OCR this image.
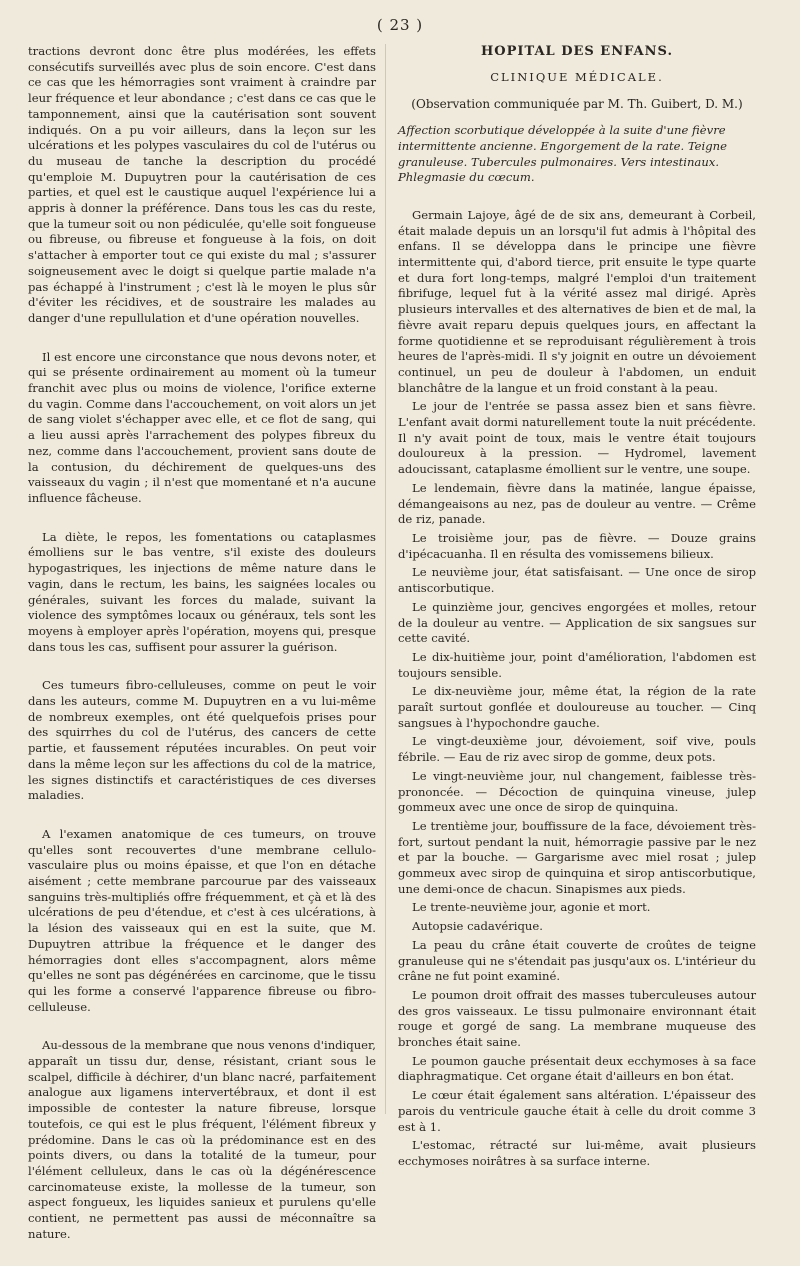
( 23 )

tractions devront donc être plus modérées, les effets consécutifs surveillés avec plus de soin encore. C'est dans ce cas que les hémorragies sont vraiment à craindre par leur fréquence et leur abondance ; c'est dans ce cas que le tamponnement, ainsi que la cautérisation sont souvent indiqués. On a pu voir ailleurs, dans la leçon sur les ulcérations et les polypes vasculaires du col de l'utérus ou du museau de tanche la description du procédé qu'emploie M. Dupuytren pour la cautérisation de ces parties, et quel est le caustique auquel l'expérience lui a appris à donner la préférence. Dans tous les cas du reste, que la tumeur soit ou non pédiculée, qu'elle soit fongueuse ou fibreuse, ou fibreuse et fongueuse à la fois, on doit s'attacher à emporter tout ce qui existe du mal ; s'assurer soigneusement avec le doigt si quelque partie malade n'a pas échappé à l'instrument ; c'est là le moyen le plus sûr d'éviter les récidives, et de soustraire les malades au danger d'une repullulation et d'une opération nouvelles.

Il est encore une circonstance que nous devons noter, et qui se présente ordinairement au moment où la tumeur franchit avec plus ou moins de violence, l'orifice externe du vagin. Comme dans l'accouchement, on voit alors un jet de sang violet s'échapper avec elle, et ce flot de sang, qui a lieu aussi après l'arrachement des polypes fibreux du nez, comme dans l'accouchement, provient sans doute de la contusion, du déchirement de quelques-uns des vaisseaux du vagin ; il n'est que momentané et n'a aucune influence fâcheuse.

La diète, le repos, les fomentations ou cataplasmes émolliens sur le bas ventre, s'il existe des douleurs hypogastriques, les injections de même nature dans le vagin, dans le rectum, les bains, les saignées locales ou générales, suivant les forces du malade, suivant la violence des symptômes locaux ou généraux, tels sont les moyens à employer après l'opération, moyens qui, presque dans tous les cas, suffisent pour assurer la guérison.

Ces tumeurs fibro-celluleuses, comme on peut le voir dans les auteurs, comme M. Dupuytren en a vu lui-même de nombreux exemples, ont été quelquefois prises pour des squirrhes du col de l'utérus, des cancers de cette partie, et faussement réputées incurables. On peut voir dans la même leçon sur les affections du col de la matrice, les signes distinctifs et caractéristiques de ces diverses maladies.

A l'examen anatomique de ces tumeurs, on trouve qu'elles sont recouvertes d'une membrane cellulo-vasculaire plus ou moins épaisse, et que l'on en détache aisément ; cette membrane parcourue par des vaisseaux sanguins très-multipliés offre fréquemment, et çà et là des ulcérations de peu d'étendue, et c'est à ces ulcérations, à la lésion des vaisseaux qui en est la suite, que M. Dupuytren attribue la fréquence et le danger des hémorragies dont elles s'accompagnent, alors même qu'elles ne sont pas dégénérées en carcinome, que le tissu qui les forme a conservé l'apparence fibreuse ou fibro-celluleuse.

Au-dessous de la membrane que nous venons d'indiquer, apparaît un tissu dur, dense, résistant, criant sous le scalpel, difficile à déchirer, d'un blanc nacré, parfaitement analogue aux ligamens intervertébraux, et dont il est impossible de contester la nature fibreuse, lorsque toutefois, ce qui est le plus fréquent, l'élément fibreux y prédomine. Dans le cas où la prédominance est en des points divers, ou dans la totalité de la tumeur, pour l'élément celluleux, dans le cas où la dégénérescence carcinomateuse existe, la mollesse de la tumeur, son aspect fongueux, les liquides sanieux et purulens qu'elle contient, ne permettent pas aussi de méconnaître sa nature.

HOPITAL DES ENFANS.
CLINIQUE MÉDICALE.
(Observation communiquée par M. Th. Guibert, D. M.)
Affection scorbutique développée à la suite d'une fièvre intermittente ancienne. Engorgement de la rate. Teigne granuleuse. Tubercules pulmonaires. Vers intestinaux. Phlegmasie du cœcum.

Germain Lajoye, âgé de de six ans, demeurant à Corbeil, était malade depuis un an lorsqu'il fut admis à l'hôpital des enfans. Il se développa dans le principe une fièvre intermittente qui, d'abord tierce, prit ensuite le type quarte et dura fort long-temps, malgré l'emploi d'un traitement fibrifuge, lequel fut à la vérité assez mal dirigé. Après plusieurs intervalles et des alternatives de bien et de mal, la fièvre avait reparu depuis quelques jours, en affectant la forme quotidienne et se reproduisant régulièrement à trois heures de l'après-midi. Il s'y joignit en outre un dévoiement continuel, un peu de douleur à l'abdomen, un enduit blanchâtre de la langue et un froid constant à la peau.

Le jour de l'entrée se passa assez bien et sans fièvre. L'enfant avait dormi naturellement toute la nuit précédente. Il n'y avait point de toux, mais le ventre était toujours douloureux à la pression. — Hydromel, lavement adoucissant, cataplasme émollient sur le ventre, une soupe.

Le lendemain, fièvre dans la matinée, langue épaisse, démangeaisons au nez, pas de douleur au ventre. — Crême de riz, panade.

Le troisième jour, pas de fièvre. — Douze grains d'ipécacuanha. Il en résulta des vomissemens bilieux.

Le neuvième jour, état satisfaisant. — Une once de sirop antiscorbutique.

Le quinzième jour, gencives engorgées et molles, retour de la douleur au ventre. — Application de six sangsues sur cette cavité.

Le dix-huitième jour, point d'amélioration, l'abdomen est toujours sensible.

Le dix-neuvième jour, même état, la région de la rate paraît surtout gonflée et douloureuse au toucher. — Cinq sangsues à l'hypochondre gauche.

Le vingt-deuxième jour, dévoiement, soif vive, pouls fébrile. — Eau de riz avec sirop de gomme, deux pots.

Le vingt-neuvième jour, nul changement, faiblesse très-prononcée. — Décoction de quinquina vineuse, julep gommeux avec une once de sirop de quinquina.

Le trentième jour, bouffissure de la face, dévoiement très-fort, surtout pendant la nuit, hémorragie passive par le nez et par la bouche. — Gargarisme avec miel rosat ; julep gommeux avec sirop de quinquina et sirop antiscorbutique, une demi-once de chacun. Sinapismes aux pieds.

Le trente-neuvième jour, agonie et mort.

Autopsie cadavérique.

La peau du crâne était couverte de croûtes de teigne granuleuse qui ne s'étendait pas jusqu'aux os. L'intérieur du crâne ne fut point examiné.

Le poumon droit offrait des masses tuberculeuses autour des gros vaisseaux. Le tissu pulmonaire environnant était rouge et gorgé de sang. La membrane muqueuse des bronches était saine.

Le poumon gauche présentait deux ecchymoses à sa face diaphragmatique. Cet organe était d'ailleurs en bon état.

Le cœur était également sans altération. L'épaisseur des parois du ventricule gauche était à celle du droit comme 3 est à 1.

L'estomac, rétracté sur lui-même, avait plusieurs ecchymoses noirâtres à sa surface interne.
